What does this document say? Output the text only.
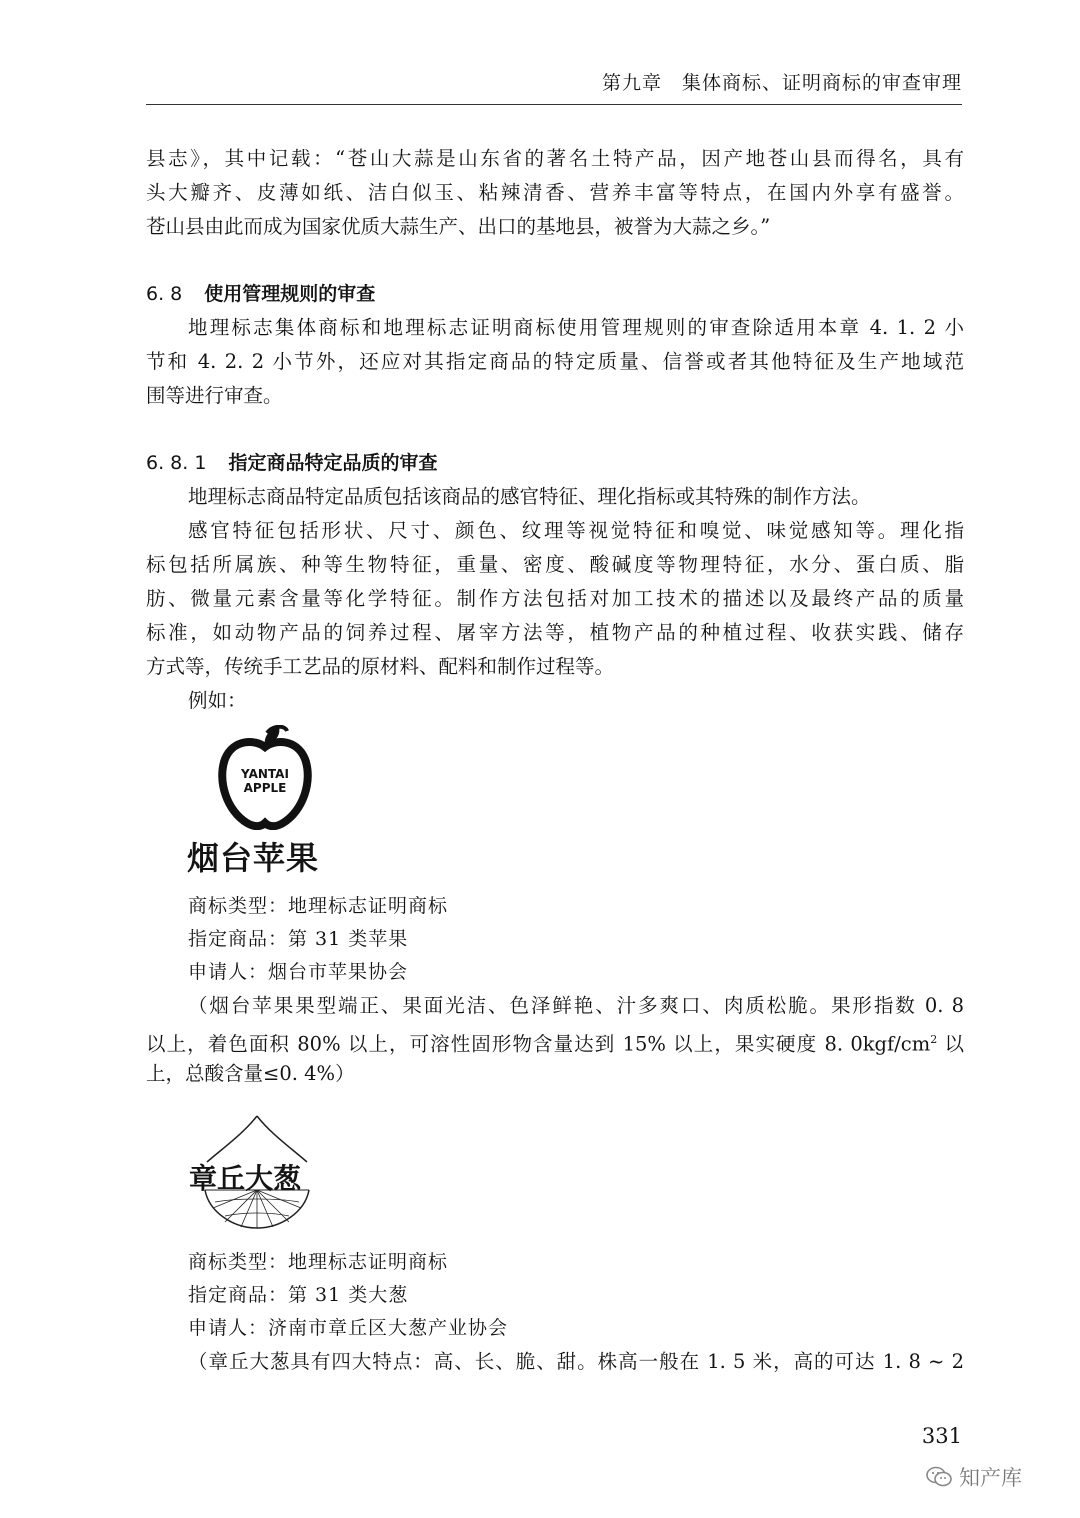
第九章　集体商标、证明商标的审查审理
县志》，其中记载：“苍山大蒜是山东省的著名土特产品，因产地苍山县而得名，具有
头大瓣齐、皮薄如纸、洁白似玉、粘辣清香、营养丰富等特点，在国内外享有盛誉。
苍山县由此而成为国家优质大蒜生产、出口的基地县，被誉为大蒜之乡。”
6. 8 使用管理规则的审查
地理标志集体商标和地理标志证明商标使用管理规则的审查除适用本章 4. 1. 2 小
节和 4. 2. 2 小节外，还应对其指定商品的特定质量、信誉或者其他特征及生产地域范
围等进行审查。
6. 8. 1 指定商品特定品质的审查
地理标志商品特定品质包括该商品的感官特征、理化指标或其特殊的制作方法。
感官特征包括形状、尺寸、颜色、纹理等视觉特征和嗅觉、味觉感知等。理化指
标包括所属族、种等生物特征，重量、密度、酸碱度等物理特征，水分、蛋白质、脂
肪、微量元素含量等化学特征。制作方法包括对加工技术的描述以及最终产品的质量
标准，如动物产品的饲养过程、屠宰方法等，植物产品的种植过程、收获实践、储存
方式等，传统手工艺品的原材料、配料和制作过程等。
例如：
YANTAI
APPLE
烟台苹果
商标类型：地理标志证明商标
指定商品：第 31 类苹果
申请人：烟台市苹果协会
（烟台苹果果型端正、果面光洁、色泽鲜艳、汁多爽口、肉质松脆。果形指数 0. 8
以上，着色面积 80% 以上，可溶性固形物含量达到 15% 以上，果实硬度 8. $0kgf/cm^2$ 以
上，总酸含量≤0. 4%）
章丘大葱
商标类型：地理标志证明商标
指定商品：第 31 类大葱
申请人：济南市章丘区大葱产业协会
（章丘大葱具有四大特点：高、长、脆、甜。株高一般在 1. 5 米，高的可达 1. 8 ~ 2
331
知产库
